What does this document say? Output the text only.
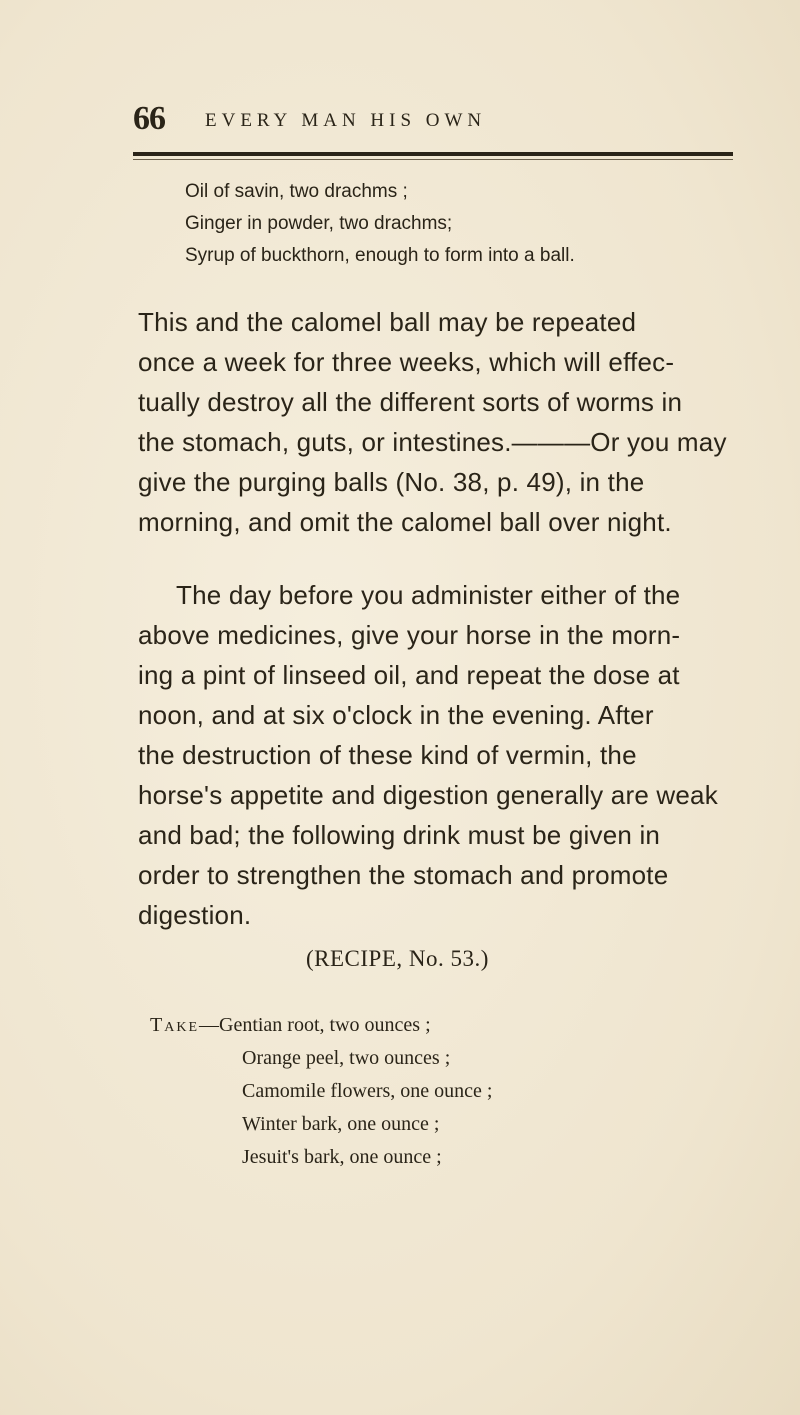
66 EVERY MAN HIS OWN
Oil of savin, two drachms ;
Ginger in powder, two drachms;
Syrup of buckthorn, enough to form into a ball.
This and the calomel ball may be repeated
once a week for three weeks, which will effec-
tually destroy all the different sorts of worms in
the stomach, guts, or intestines.———Or you may
give the purging balls (No. 38, p. 49), in the
morning, and omit the calomel ball over night.
The day before you administer either of the
above medicines, give your horse in the morn-
ing a pint of linseed oil, and repeat the dose at
noon, and at six o'clock in the evening. After
the destruction of these kind of vermin, the
horse's appetite and digestion generally are weak
and bad; the following drink must be given in
order to strengthen the stomach and promote
digestion.
(RECIPE, No. 53.)
Take—Gentian root, two ounces ;
Orange peel, two ounces ;
Camomile flowers, one ounce ;
Winter bark, one ounce ;
Jesuit's bark, one ounce ;
